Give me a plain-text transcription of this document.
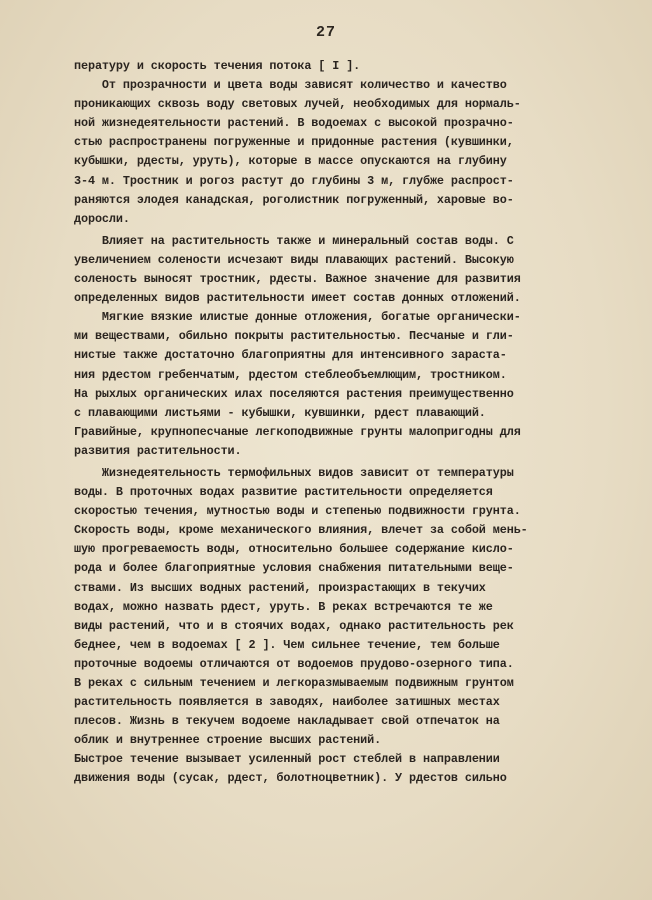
27
пературу и скорость течения потока [ I ].
От прозрачности и цвета воды зависят количество и качество
проникающих сквозь воду световых лучей, необходимых для нормаль-
ной жизнедеятельности растений. В водоемах с высокой прозрачно-
стью распространены погруженные и придонные растения (кувшинки,
кубышки, рдесты, уруть), которые в массе опускаются на глубину
3-4 м. Тростник и рогоз растут до глубины 3 м, глубже распрост-
раняются элодея канадская, роголистник погруженный, харовые во-
доросли.
Влияет на растительность также и минеральный состав воды. С
увеличением солености исчезают виды плавающих растений. Высокую
соленость выносят тростник, рдесты. Важное значение для развития
определенных видов растительности имеет состав донных отложений.
Мягкие вязкие илистые донные отложения, богатые органически-
ми веществами, обильно покрыты растительностью. Песчаные и гли-
нистые также достаточно благоприятны для интенсивного зараста-
ния рдестом гребенчатым, рдестом стеблеобъемлющим, тростником.
На рыхлых органических илах поселяются растения преимущественно
с плавающими листьями - кубышки, кувшинки, рдест плавающий.
Гравийные, крупнопесчаные легкоподвижные грунты малопригодны для
развития растительности.
Жизнедеятельность термофильных видов зависит от температуры
воды. В проточных водах развитие растительности определяется
скоростью течения, мутностью воды и степенью подвижности грунта.
Скорость воды, кроме механического влияния, влечет за собой мень-
шую прогреваемость воды, относительно большее содержание кисло-
рода и более благоприятные условия снабжения питательными веще-
ствами. Из высших водных растений, произрастающих в текучих
водах, можно назвать рдест, уруть. В реках встречаются те же
виды растений, что и в стоячих водах, однако растительность рек
беднее, чем в водоемах [ 2 ]. Чем сильнее течение, тем больше
проточные водоемы отличаются от водоемов прудово-озерного типа.
В реках с сильным течением и легкоразмываемым подвижным грунтом
растительность появляется в заводях, наиболее затишных местах
плесов. Жизнь в текучем водоеме накладывает свой отпечаток на
облик и внутреннее строение высших растений.
Быстрое течение вызывает усиленный рост стеблей в направлении
движения воды (сусак, рдест, болотноцветник). У рдестов сильно
